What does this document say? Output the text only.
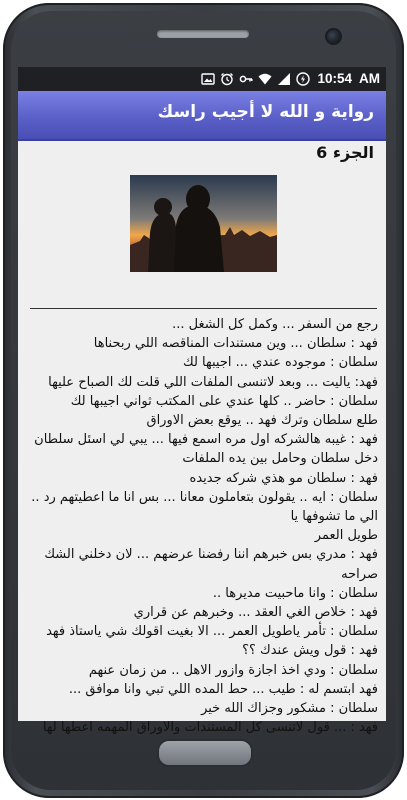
10:54 AM
رواية و الله لا أجيب راسك
الجزء 6
رجع من السفر ... وكمل كل الشغل ...
فهد : سلطان ... وين مستندات المناقصه اللي ربحناها
سلطان : موجوده عندي ... اجيبها لك
فهد: ياليت ... وبعد لاتنسى الملفات اللي قلت لك الصباح عليها
سلطان : حاضر .. كلها عندي على المكتب ثواني اجيبها لك
طلع سلطان وترك فهد .. يوقع بعض الاوراق
فهد : غيبه هالشركه اول مره اسمع فيها ... يبي لي اسئل سلطان
دخل سلطان وحامل بين يده الملفات
فهد : سلطان مو هذي شركه جديده
سلطان : ايه .. يقولون بتعاملون معانا ... بس انا ما اعطيتهم رد ..
الي ما تشوفها يا
طويل العمر
فهد : مدري بس خبرهم اننا رفضنا عرضهم ... لان دخلني الشك
صراحه
سلطان : وانا ماحبيت مديرها ..
فهد : خلاص الغي العقد ... وخبرهم عن قراري
سلطان : تأمر ياطويل العمر ... الا بغيت اقولك شي ياستاذ فهد
فهد : قول ويش عندك ؟؟
سلطان : ودي اخذ اجازة وازور الاهل .. من زمان عنهم
فهد ابتسم له : طيب ... حط المده اللي تبي وانا موافق ...
سلطان : مشكور وجزاك الله خير
فهد : ... قول لاتنسى كل المستندات والاوراق المهمه اعطها لها
